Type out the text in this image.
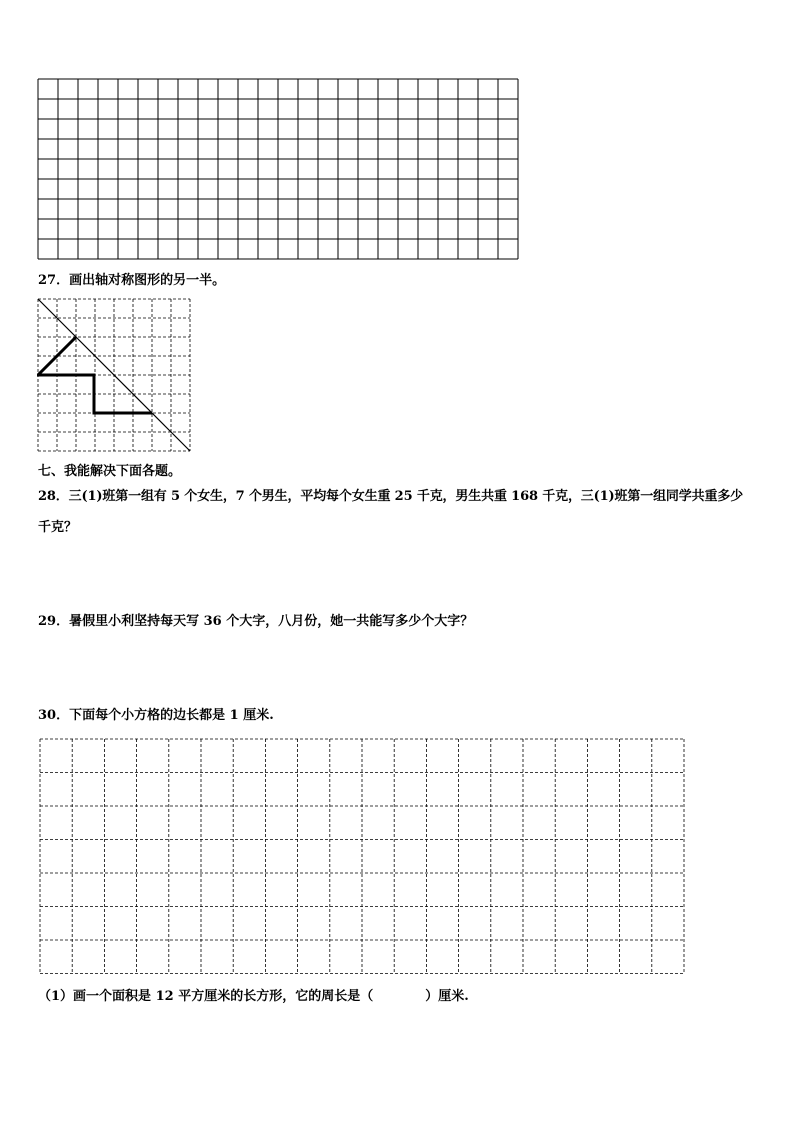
27．画出轴对称图形的另一半。
七、我能解决下面各题。
28．三(1)班第一组有 5 个女生，7 个男生，平均每个女生重 25 千克，男生共重 168 千克，三(1)班第一组同学共重多少
千克？
29．暑假里小利坚持每天写 36 个大字，八月份，她一共能写多少个大字？
30．下面每个小方格的边长都是 1 厘米.
（1）画一个面积是 12 平方厘米的长方形，它的周长是（　　　　）厘米.
